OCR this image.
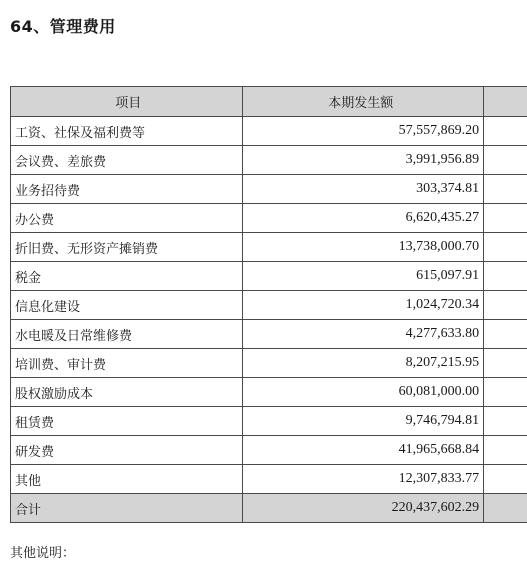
64、管理费用
项目	本期发生额	
工资、社保及福利费等	57,557,869.20	
会议费、差旅费	3,991,956.89	
业务招待费	303,374.81	
办公费	6,620,435.27	
折旧费、无形资产摊销费	13,738,000.70	
税金	615,097.91	
信息化建设	1,024,720.34	
水电暖及日常维修费	4,277,633.80	
培训费、审计费	8,207,215.95	
股权激励成本	60,081,000.00	
租赁费	9,746,794.81	
研发费	41,965,668.84	
其他	12,307,833.77	
合计	220,437,602.29	
其他说明：
